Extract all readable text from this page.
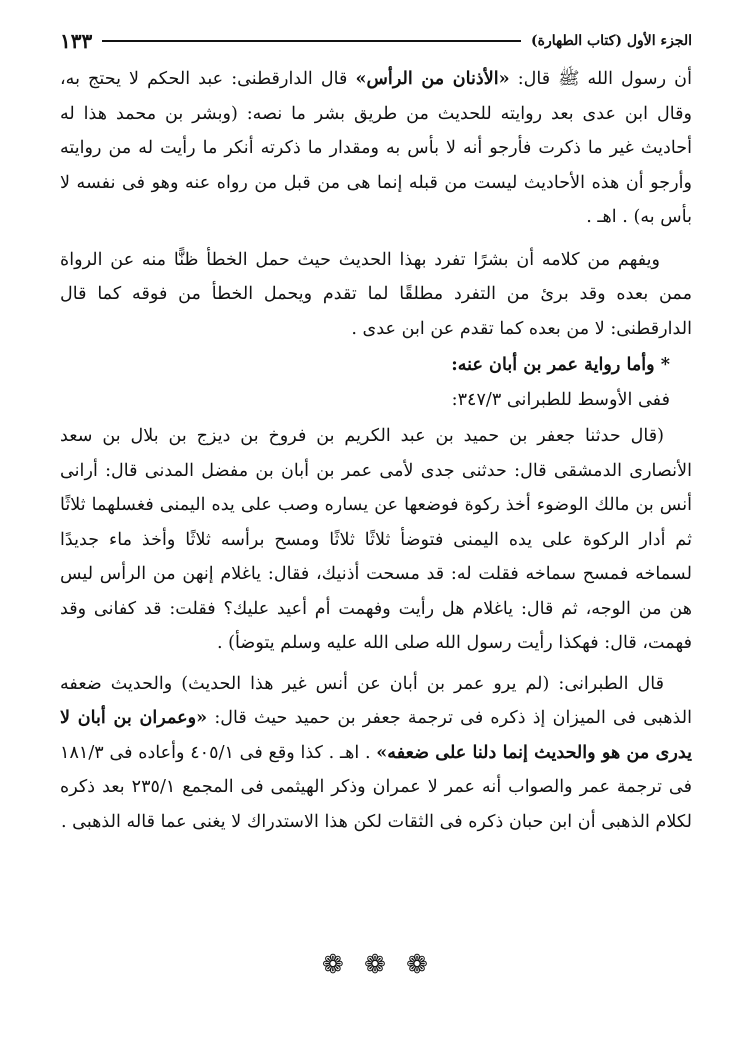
الجزء الأول (كتاب الطهارة)
١٣٣

أن رسول الله ﷺ قال: «الأذنان من الرأس» قال الدارقطنى: عبد الحكم لا يحتج به، وقال ابن عدى بعد روايته للحديث من طريق بشر ما نصه: (وبشر بن محمد هذا له أحاديث غير ما ذكرت فأرجو أنه لا بأس به ومقدار ما ذكرته أنكر ما رأيت له من روايته وأرجو أن هذه الأحاديث ليست من قبله إنما هى من قبل من رواه عنه وهو فى نفسه لا بأس به) . اهـ .

ويفهم من كلامه أن بشرًا تفرد بهذا الحديث حيث حمل الخطأ ظنًّا منه عن الرواة ممن بعده وقد برئ من التفرد مطلقًا لما تقدم ويحمل الخطأ من فوقه كما قال الدارقطنى: لا من بعده كما تقدم عن ابن عدى .

* وأما رواية عمر بن أبان عنه:

ففى الأوسط للطبرانى ٣٤٧/٣:

(قال حدثنا جعفر بن حميد بن عبد الكريم بن فروخ بن ديزج بن بلال بن سعد الأنصارى الدمشقى قال: حدثنى جدى لأمى عمر بن أبان بن مفضل المدنى قال: أرانى أنس بن مالك الوضوء أخذ ركوة فوضعها عن يساره وصب على يده اليمنى فغسلهما ثلاثًا ثم أدار الركوة على يده اليمنى فتوضأ ثلاثًا ثلاثًا ومسح برأسه ثلاثًا وأخذ ماء جديدًا لسماخه فمسح سماخه فقلت له: قد مسحت أذنيك، فقال: ياغلام إنهن من الرأس ليس هن من الوجه، ثم قال: ياغلام هل رأيت وفهمت أم أعيد عليك؟ فقلت: قد كفانى وقد فهمت، قال: فهكذا رأيت رسول الله صلى الله عليه وسلم يتوضأ) .

قال الطبرانى: (لم يرو عمر بن أبان عن أنس غير هذا الحديث) والحديث ضعفه الذهبى فى الميزان إذ ذكره فى ترجمة جعفر بن حميد حيث قال: «وعمران بن أبان لا يدرى من هو والحديث إنما دلنا على ضعفه» . اهـ . كذا وقع فى ٤٠٥/١ وأعاده فى ١٨١/٣ فى ترجمة عمر والصواب أنه عمر لا عمران وذكر الهيثمى فى المجمع ٢٣٥/١ بعد ذكره لكلام الذهبى أن ابن حبان ذكره فى الثقات لكن هذا الاستدراك لا يغنى عما قاله الذهبى .

❁ ❁ ❁
